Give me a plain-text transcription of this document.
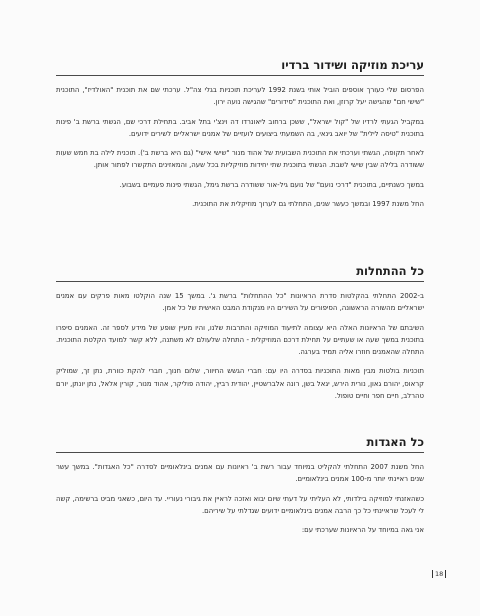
עריכת מוזיקה ושידור ברדיו

הפרסום שלי כעורך אוספים הוביל אותי בשנת 1992 לעריכת תוכניות בגלי צה"ל. ערכתי שם את תוכנית "האולדיז", התוכנית "שישי חם" שהגישה יעל קרוזן, ואת התוכנית "סידורים" שהגישה נועה ירון.

במקביל הגעתי לרדיו של "קול ישראל", ששכן ברחוב ליאונרדו דה וינצ'י בתל אביב. בתחילת דרכי שם, הגשתי ברשת ב' פינות בתוכנית "טיסה לילית" של יואב גינאי, בה השמעתי ביצועים לועזיים של אמנים ישראליים לשירים ידועים.

לאחר תקופה, הגשתי וערכתי את התוכנית השבועית של אהוד מנור "שישי אישי" (גם היא ברשת ב'). תוכנית לילה בת חמש שעות ששודרה בלילה שבין שישי לשבת. הגשתי בתוכנית שתי יחידות מוזיקליות בכל שעה, והמאזינים התקשרו לפתור אותן.

במשך כשנתיים, בתוכנית "דרכי נועם" של נועם גיל-אור ששודרה ברשת גימל, הגשתי פינות פעמיים בשבוע.

החל משנת 1997 ובמשך כעשר שנים, התחלתי גם לערוך מוזיקלית את התוכנית.

כל ההתחלות

ב-2002 התחלתי בהקלטות סדרת הראיונות "כל ההתחלות" ברשת ג'. במשך 15 שנה הוקלטו מאות פרקים עם אמנים ישראליים מהשורה הראשונה, הסיפורים על השירים היו מנקודת המבט האישית של כל אמן.

השיבתם של הראיונות האלה היא עצומה לתיעוד המוזיקה והתרבות שלנו, והיו מעיין שופע של מידע לספר זה. האמנים סיפרו בתוכנית במשך שעה או שעתיים על תחילת דרכם המוזיקלית - התחלה שלעולם לא משתנה, ללא קשר למועד הקלטת התוכנית. התחלה שהאמנים חוזרו אליה תמיד בערגה.

תוכניות בולטות מבין מאות התוכניות בסדרה היו עם: חברי הגשש החיוור, שלום חנוך, חברי להקת כוורת, נתן זך, שמוליק קראוס, יהורם גאון, נורית הירש, יגאל בשן, רונה אלברשטיין, יהודית רביץ, יהודה פוליקר, אהוד מנור, קורין אלאל, נתן יונתן, יורם טהרלב, חיים חפר וחיים טופול.

כל האגדות

החל משנת 2007 התחלתי להקליט במיוחד עבור רשת ב' ראיונות עם אמנים בינלאומיים לסדרה "כל האגדות". במשך עשר שנים ראיינתי יותר מ-100 אמנים בינלאומיים.

כשהאזנתי למוזיקה בילדותי, לא העליתי על דעתי שיום יבוא ואזכה לראיין את גיבורי נעוריי. עד היום, כשאני מביט ברשימה, קשה לי לעכל שראיינתי כל כך הרבה אמנים בינלאומיים ידועים שגדלתי על שיריהם.

אני גאה במיוחד על הראיונות שערכתי עם:

18
